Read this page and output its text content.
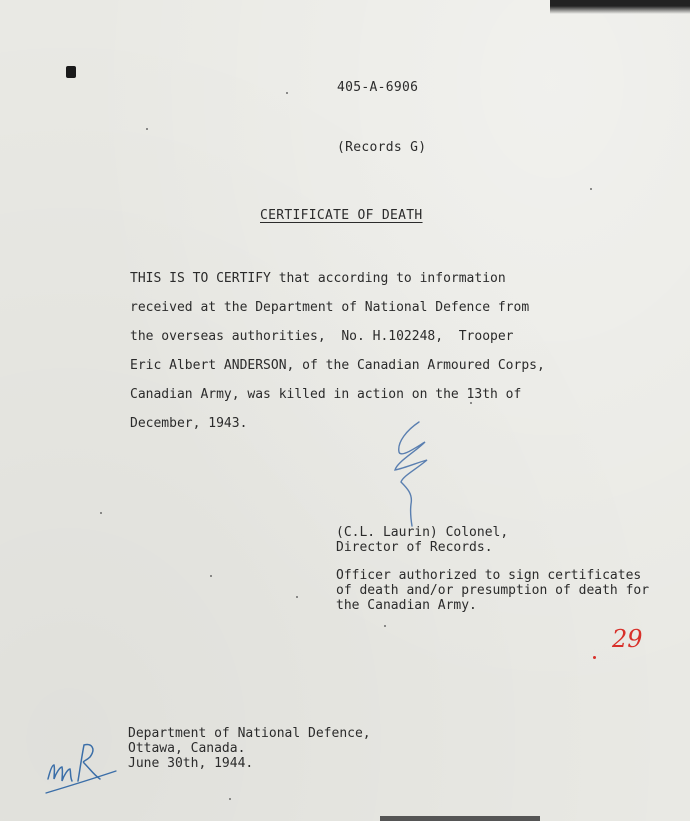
405-A-6906

(Records G)

CERTIFICATE OF DEATH
THIS IS TO CERTIFY that according to information
received at the Department of National Defence from
the overseas authorities,  No. H.102248,  Trooper
Eric Albert ANDERSON, of the Canadian Armoured Corps,
Canadian Army, was killed in action on the 13th of
December, 1943.
(C.L. Laurin) Colonel,
Director of Records.
Officer authorized to sign certificates
of death and/or presumption of death for
the Canadian Army.
29
Department of National Defence,
Ottawa, Canada.
June 30th, 1944.
